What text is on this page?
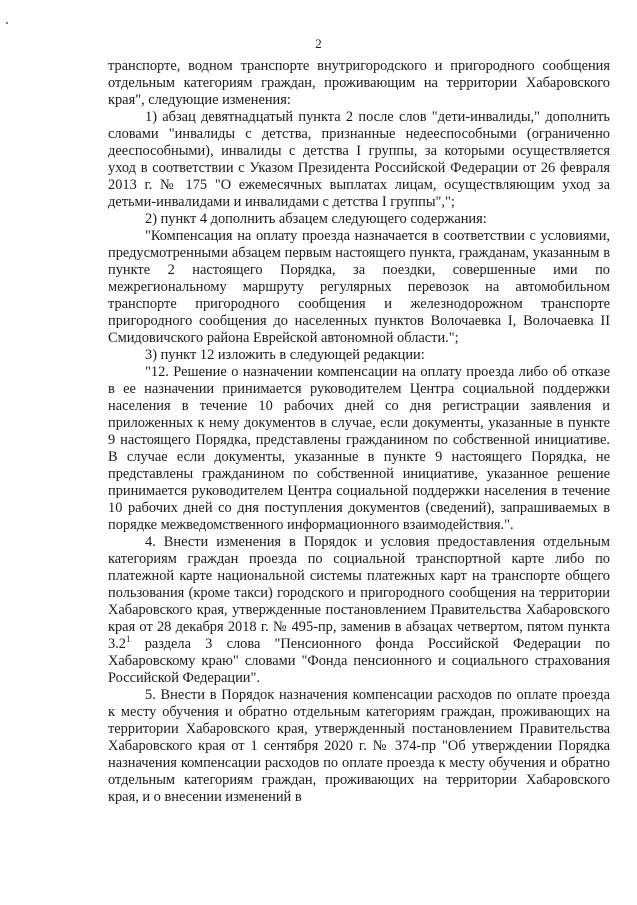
2

транспорте, водном транспорте внутригородского и пригородного сообщения отдельным категориям граждан, проживающим на территории Хабаровского края", следующие изменения:

1) абзац девятнадцатый пункта 2 после слов "дети-инвалиды," дополнить словами "инвалиды с детства, признанные недееспособными (ограниченно дееспособными), инвалиды с детства I группы, за которыми осуществляется уход в соответствии с Указом Президента Российской Федерации от 26 февраля 2013 г. № 175 "О ежемесячных выплатах лицам, осуществляющим уход за детьми-инвалидами и инвалидами с детства I группы",";

2) пункт 4 дополнить абзацем следующего содержания:

"Компенсация на оплату проезда назначается в соответствии с условиями, предусмотренными абзацем первым настоящего пункта, гражданам, указанным в пункте 2 настоящего Порядка, за поездки, совершенные ими по межрегиональному маршруту регулярных перевозок на автомобильном транспорте пригородного сообщения и железнодорожном транспорте пригородного сообщения до населенных пунктов Волочаевка I, Волочаевка II Смидовичского района Еврейской автономной области.";

3) пункт 12 изложить в следующей редакции:

"12. Решение о назначении компенсации на оплату проезда либо об отказе в ее назначении принимается руководителем Центра социальной поддержки населения в течение 10 рабочих дней со дня регистрации заявления и приложенных к нему документов в случае, если документы, указанные в пункте 9 настоящего Порядка, представлены гражданином по собственной инициативе. В случае если документы, указанные в пункте 9 настоящего Порядка, не представлены гражданином по собственной инициативе, указанное решение принимается руководителем Центра социальной поддержки населения в течение 10 рабочих дней со дня поступления документов (сведений), запрашиваемых в порядке межведомственного информационного взаимодействия.".

4. Внести изменения в Порядок и условия предоставления отдельным категориям граждан проезда по социальной транспортной карте либо по платежной карте национальной системы платежных карт на транспорте общего пользования (кроме такси) городского и пригородного сообщения на территории Хабаровского края, утвержденные постановлением Правительства Хабаровского края от 28 декабря 2018 г. № 495-пр, заменив в абзацах четвертом, пятом пункта $3.2^1$ раздела 3 слова "Пенсионного фонда Российской Федерации по Хабаровскому краю" словами "Фонда пенсионного и социального страхования Российской Федерации".

5. Внести в Порядок назначения компенсации расходов по оплате проезда к месту обучения и обратно отдельным категориям граждан, проживающих на территории Хабаровского края, утвержденный постановлением Правительства Хабаровского края от 1 сентября 2020 г. № 374-пр "Об утверждении Порядка назначения компенсации расходов по оплате проезда к месту обучения и обратно отдельным категориям граждан, проживающих на территории Хабаровского края, и о внесении изменений в
